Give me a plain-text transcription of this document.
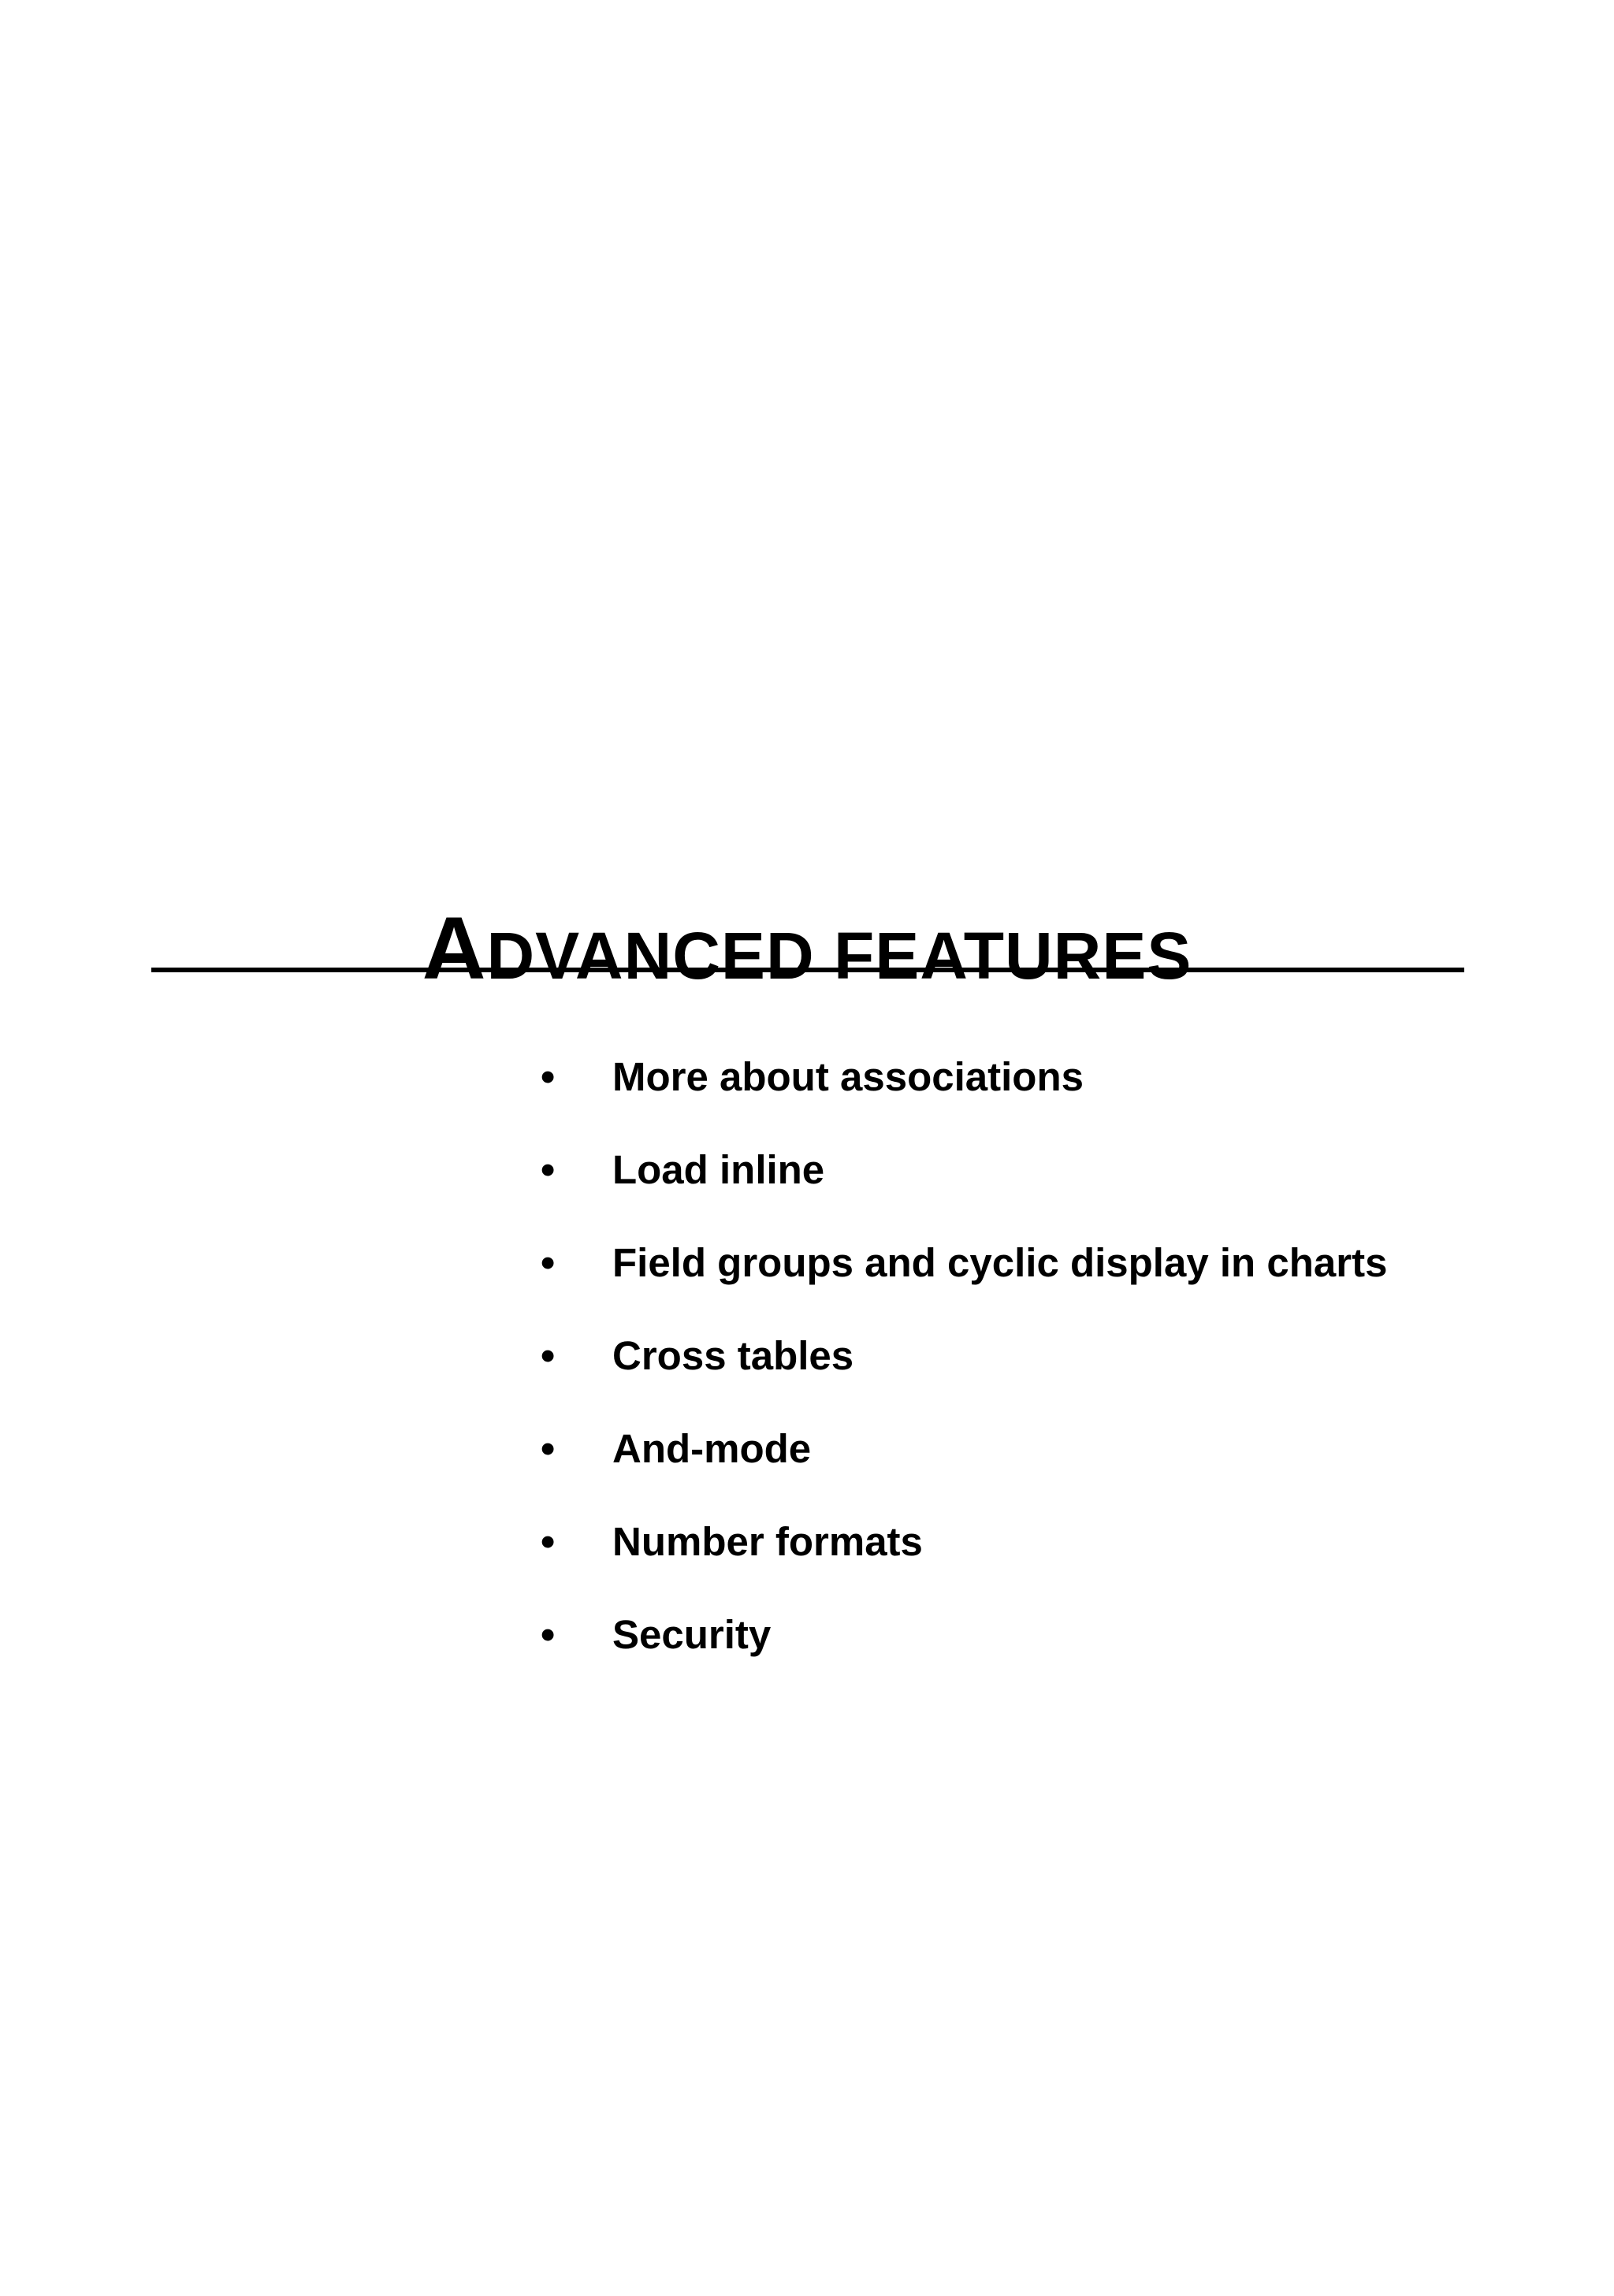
ADVANCED FEATURES
• More about associations
• Load inline
• Field groups and cyclic display in charts
• Cross tables
• And-mode
• Number formats
• Security
